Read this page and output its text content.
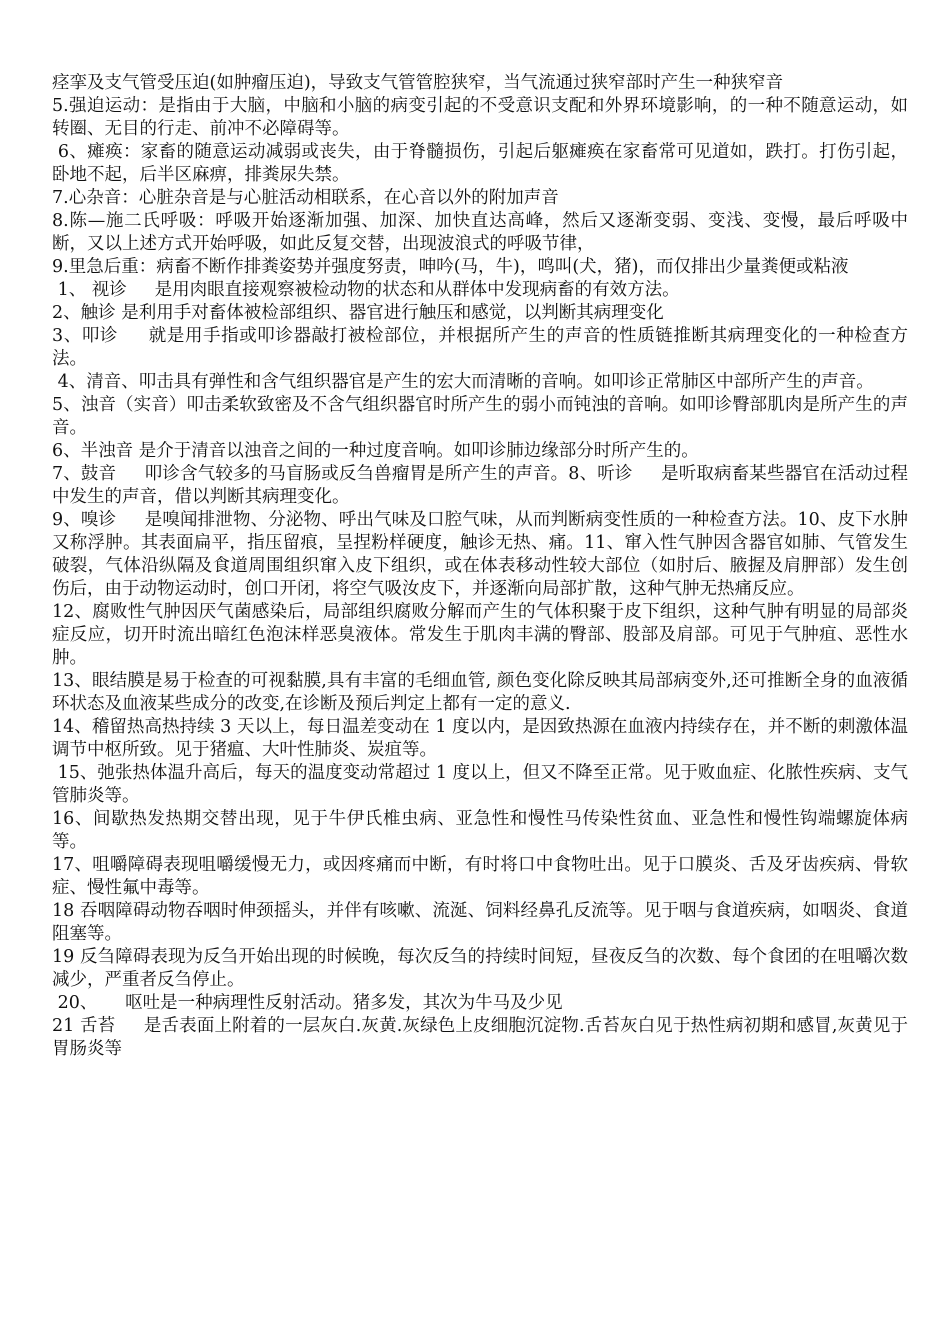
痉挛及支气管受压迫(如肿瘤压迫)，导致支气管管腔狭窄，当气流通过狭窄部时产生一种狭窄音

5.强迫运动：是指由于大脑，中脑和小脑的病变引起的不受意识支配和外界环境影响，的一种不随意运动，如转圈、无目的行走、前冲不必障碍等。

6、瘫痪：家畜的随意运动减弱或丧失，由于脊髓损伤，引起后躯瘫痪在家畜常可见道如，跌打。打伤引起，卧地不起，后半区麻痹，排粪尿失禁。

7.心杂音：心脏杂音是与心脏活动相联系，在心音以外的附加声音

8.陈—施二氏呼吸：呼吸开始逐渐加强、加深、加快直达高峰，然后又逐渐变弱、变浅、变慢，最后呼吸中断，又以上述方式开始呼吸，如此反复交替，出现波浪式的呼吸节律，

9.里急后重：病畜不断作排粪姿势并强度努责，呻吟(马，牛)，鸣叫(犬，猪)，而仅排出少量粪便或粘液

1、 视诊     是用肉眼直接观察被检动物的状态和从群体中发现病畜的有效方法。

2、触诊 是利用手对畜体被检部组织、器官进行触压和感觉，以判断其病理变化

3、叩诊     就是用手指或叩诊器敲打被检部位，并根据所产生的声音的性质链推断其病理变化的一种检查方法。

4、清音、叩击具有弹性和含气组织器官是产生的宏大而清晰的音响。如叩诊正常肺区中部所产生的声音。

5、浊音（实音）叩击柔软致密及不含气组织器官时所产生的弱小而钝浊的音响。如叩诊臀部肌肉是所产生的声音。

6、半浊音 是介于清音以浊音之间的一种过度音响。如叩诊肺边缘部分时所产生的。

7、鼓音     叩诊含气较多的马盲肠或反刍兽瘤胃是所产生的声音。8、听诊     是听取病畜某些器官在活动过程中发生的声音，借以判断其病理变化。

9、嗅诊     是嗅闻排泄物、分泌物、呼出气味及口腔气味，从而判断病变性质的一种检查方法。10、皮下水肿又称浮肿。其表面扁平，指压留痕，呈捏粉样硬度，触诊无热、痛。11、窜入性气肿因含器官如肺、气管发生破裂，气体沿纵隔及食道周围组织窜入皮下组织，或在体表移动性较大部位（如肘后、腋握及肩胛部）发生创伤后，由于动物运动时，创口开闭，将空气吸汝皮下，并逐渐向局部扩散，这种气肿无热痛反应。

12、腐败性气肿因厌气菌感染后，局部组织腐败分解而产生的气体积聚于皮下组织，这种气肿有明显的局部炎症反应，切开时流出暗红色泡沫样恶臭液体。常发生于肌肉丰满的臀部、股部及肩部。可见于气肿疽、恶性水肿。

13、眼结膜是易于检查的可视黏膜,具有丰富的毛细血管, 颜色变化除反映其局部病变外,还可推断全身的血液循环状态及血液某些成分的改变,在诊断及预后判定上都有一定的意义.

14、稽留热高热持续 3 天以上，每日温差变动在 1 度以内，是因致热源在血液内持续存在，并不断的刺激体温调节中枢所致。见于猪瘟、大叶性肺炎、炭疽等。

15、弛张热体温升高后，每天的温度变动常超过 1 度以上，但又不降至正常。见于败血症、化脓性疾病、支气管肺炎等。

16、间歇热发热期交替出现，见于牛伊氏椎虫病、亚急性和慢性马传染性贫血、亚急性和慢性钩端螺旋体病等。

17、咀嚼障碍表现咀嚼缓慢无力，或因疼痛而中断，有时将口中食物吐出。见于口膜炎、舌及牙齿疾病、骨软症、慢性氟中毒等。

18 吞咽障碍动物吞咽时伸颈摇头，并伴有咳嗽、流涎、饲料经鼻孔反流等。见于咽与食道疾病，如咽炎、食道阻塞等。

19 反刍障碍表现为反刍开始出现的时候晚，每次反刍的持续时间短，昼夜反刍的次数、每个食团的在咀嚼次数减少，严重者反刍停止。

20、     呕吐是一种病理性反射活动。猪多发，其次为牛马及少见

21 舌苔     是舌表面上附着的一层灰白.灰黄.灰绿色上皮细胞沉淀物.舌苔灰白见于热性病初期和感冒,灰黄见于胃肠炎等
